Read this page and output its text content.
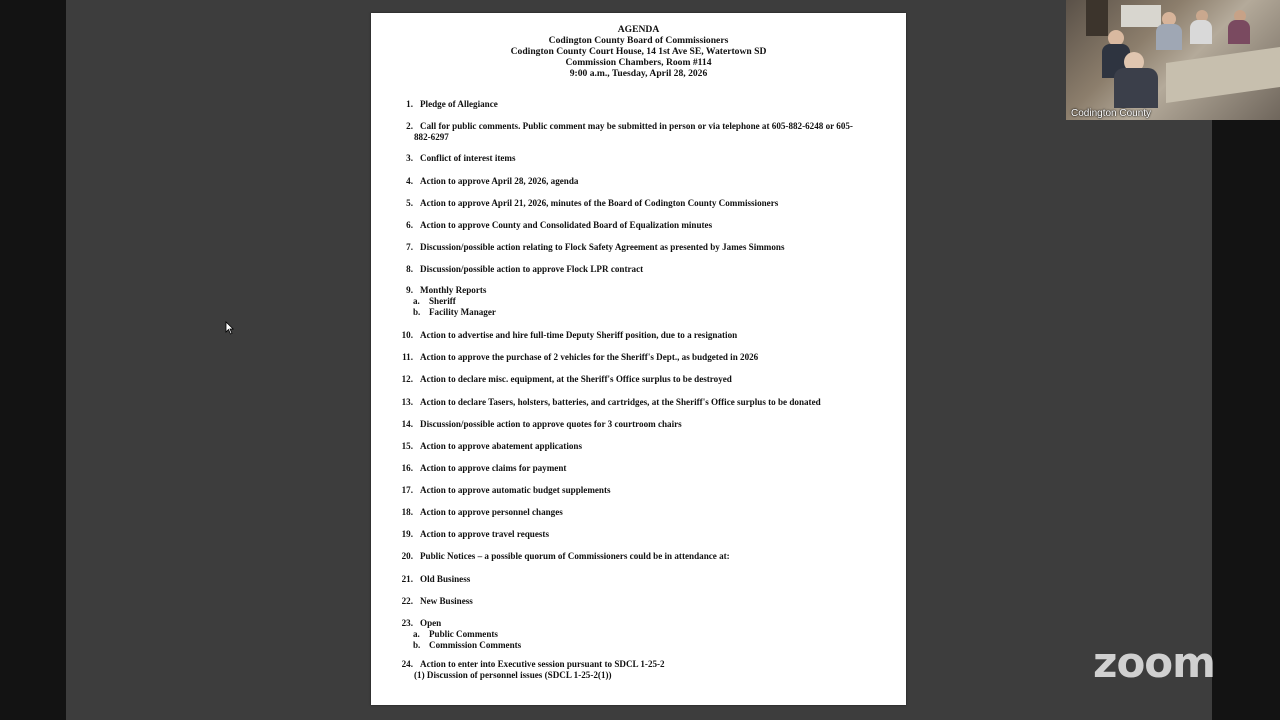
AGENDA
Codington County Board of Commissioners
Codington County Court House, 14 1st Ave SE, Watertown SD
Commission Chambers, Room #114
9:00 a.m., Tuesday, April 28, 2026
1. Pledge of Allegiance
2. Call for public comments. Public comment may be submitted in person or via telephone at 605-882-6248 or 605-
882-6297
3. Conflict of interest items
4. Action to approve April 28, 2026, agenda
5. Action to approve April 21, 2026, minutes of the Board of Codington County Commissioners
6. Action to approve County and Consolidated Board of Equalization minutes
7. Discussion/possible action relating to Flock Safety Agreement as presented by James Simmons
8. Discussion/possible action to approve Flock LPR contract
9. Monthly Reports
a. Sheriff
b. Facility Manager
10. Action to advertise and hire full-time Deputy Sheriff position, due to a resignation
11. Action to approve the purchase of 2 vehicles for the Sheriff's Dept., as budgeted in 2026
12. Action to declare misc. equipment, at the Sheriff's Office surplus to be destroyed
13. Action to declare Tasers, holsters, batteries, and cartridges, at the Sheriff's Office surplus to be donated
14. Discussion/possible action to approve quotes for 3 courtroom chairs
15. Action to approve abatement applications
16. Action to approve claims for payment
17. Action to approve automatic budget supplements
18. Action to approve personnel changes
19. Action to approve travel requests
20. Public Notices – a possible quorum of Commissioners could be in attendance at:
21. Old Business
22. New Business
23. Open
a. Public Comments
b. Commission Comments
24. Action to enter into Executive session pursuant to SDCL 1-25-2
(1) Discussion of personnel issues (SDCL 1-25-2(1))
Codington County
zoom
